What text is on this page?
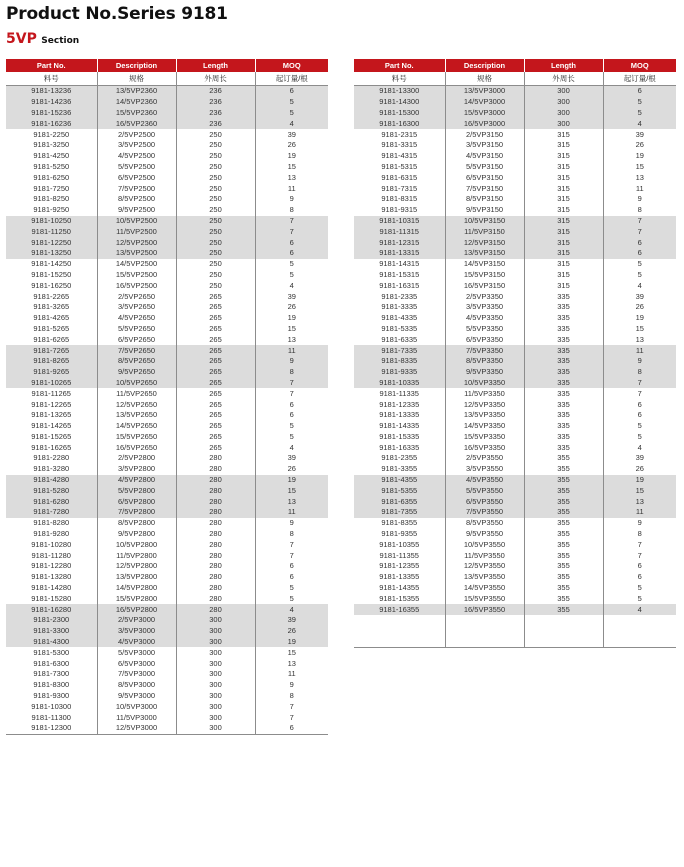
Product No.Series 9181
5VP Section
Part No.	Description	Length	MOQ
料号	规格	外周长	起订量/根
9181-13236	13/5VP2360	236	6
9181-14236	14/5VP2360	236	5
9181-15236	15/5VP2360	236	5
9181-16236	16/5VP2360	236	4
9181-2250	2/5VP2500	250	39
9181-3250	3/5VP2500	250	26
9181-4250	4/5VP2500	250	19
9181-5250	5/5VP2500	250	15
9181-6250	6/5VP2500	250	13
9181-7250	7/5VP2500	250	11
9181-8250	8/5VP2500	250	9
9181-9250	9/5VP2500	250	8
9181-10250	10/5VP2500	250	7
9181-11250	11/5VP2500	250	7
9181-12250	12/5VP2500	250	6
9181-13250	13/5VP2500	250	6
9181-14250	14/5VP2500	250	5
9181-15250	15/5VP2500	250	5
9181-16250	16/5VP2500	250	4
9181-2265	2/5VP2650	265	39
9181-3265	3/5VP2650	265	26
9181-4265	4/5VP2650	265	19
9181-5265	5/5VP2650	265	15
9181-6265	6/5VP2650	265	13
9181-7265	7/5VP2650	265	11
9181-8265	8/5VP2650	265	9
9181-9265	9/5VP2650	265	8
9181-10265	10/5VP2650	265	7
9181-11265	11/5VP2650	265	7
9181-12265	12/5VP2650	265	6
9181-13265	13/5VP2650	265	6
9181-14265	14/5VP2650	265	5
9181-15265	15/5VP2650	265	5
9181-16265	16/5VP2650	265	4
9181-2280	2/5VP2800	280	39
9181-3280	3/5VP2800	280	26
9181-4280	4/5VP2800	280	19
9181-5280	5/5VP2800	280	15
9181-6280	6/5VP2800	280	13
9181-7280	7/5VP2800	280	11
9181-8280	8/5VP2800	280	9
9181-9280	9/5VP2800	280	8
9181-10280	10/5VP2800	280	7
9181-11280	11/5VP2800	280	7
9181-12280	12/5VP2800	280	6
9181-13280	13/5VP2800	280	6
9181-14280	14/5VP2800	280	5
9181-15280	15/5VP2800	280	5
9181-16280	16/5VP2800	280	4
9181-2300	2/5VP3000	300	39
9181-3300	3/5VP3000	300	26
9181-4300	4/5VP3000	300	19
9181-5300	5/5VP3000	300	15
9181-6300	6/5VP3000	300	13
9181-7300	7/5VP3000	300	11
9181-8300	8/5VP3000	300	9
9181-9300	9/5VP3000	300	8
9181-10300	10/5VP3000	300	7
9181-11300	11/5VP3000	300	7
9181-12300	12/5VP3000	300	6
Part No.	Description	Length	MOQ
料号	规格	外周长	起订量/根
9181-13300	13/5VP3000	300	6
9181-14300	14/5VP3000	300	5
9181-15300	15/5VP3000	300	5
9181-16300	16/5VP3000	300	4
9181-2315	2/5VP3150	315	39
9181-3315	3/5VP3150	315	26
9181-4315	4/5VP3150	315	19
9181-5315	5/5VP3150	315	15
9181-6315	6/5VP3150	315	13
9181-7315	7/5VP3150	315	11
9181-8315	8/5VP3150	315	9
9181-9315	9/5VP3150	315	8
9181-10315	10/5VP3150	315	7
9181-11315	11/5VP3150	315	7
9181-12315	12/5VP3150	315	6
9181-13315	13/5VP3150	315	6
9181-14315	14/5VP3150	315	5
9181-15315	15/5VP3150	315	5
9181-16315	16/5VP3150	315	4
9181-2335	2/5VP3350	335	39
9181-3335	3/5VP3350	335	26
9181-4335	4/5VP3350	335	19
9181-5335	5/5VP3350	335	15
9181-6335	6/5VP3350	335	13
9181-7335	7/5VP3350	335	11
9181-8335	8/5VP3350	335	9
9181-9335	9/5VP3350	335	8
9181-10335	10/5VP3350	335	7
9181-11335	11/5VP3350	335	7
9181-12335	12/5VP3350	335	6
9181-13335	13/5VP3350	335	6
9181-14335	14/5VP3350	335	5
9181-15335	15/5VP3350	335	5
9181-16335	16/5VP3350	335	4
9181-2355	2/5VP3550	355	39
9181-3355	3/5VP3550	355	26
9181-4355	4/5VP3550	355	19
9181-5355	5/5VP3550	355	15
9181-6355	6/5VP3550	355	13
9181-7355	7/5VP3550	355	11
9181-8355	8/5VP3550	355	9
9181-9355	9/5VP3550	355	8
9181-10355	10/5VP3550	355	7
9181-11355	11/5VP3550	355	7
9181-12355	12/5VP3550	355	6
9181-13355	13/5VP3550	355	6
9181-14355	14/5VP3550	355	5
9181-15355	15/5VP3550	355	5
9181-16355	16/5VP3550	355	4
